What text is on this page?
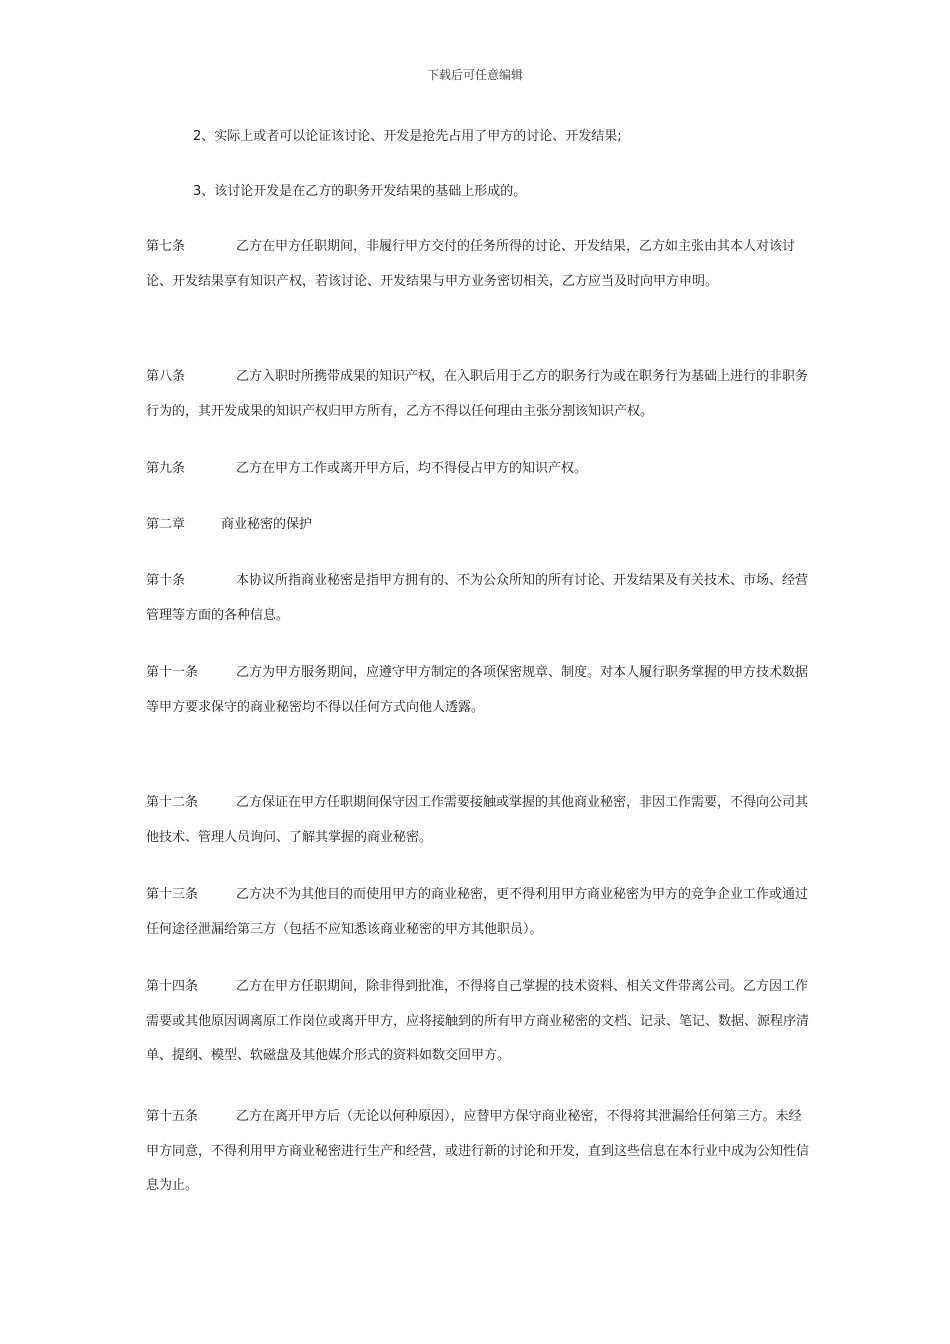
下载后可任意编辑
2、实际上或者可以论证该讨论、开发是抢先占用了甲方的讨论、开发结果;
3、该讨论开发是在乙方的职务开发结果的基础上形成的。
第七条	乙方在甲方任职期间，非履行甲方交付的任务所得的讨论、开发结果，乙方如主张由其本人对该讨论、开发结果享有知识产权，若该讨论、开发结果与甲方业务密切相关，乙方应当及时向甲方申明。
第八条	乙方入职时所携带成果的知识产权，在入职后用于乙方的职务行为或在职务行为基础上进行的非职务行为的，其开发成果的知识产权归甲方所有，乙方不得以任何理由主张分割该知识产权。
第九条	乙方在甲方工作或离开甲方后，均不得侵占甲方的知识产权。
第二章	商业秘密的保护
第十条	本协议所指商业秘密是指甲方拥有的、不为公众所知的所有讨论、开发结果及有关技术、市场、经营管理等方面的各种信息。
第十一条	乙方为甲方服务期间，应遵守甲方制定的各项保密规章、制度。对本人履行职务掌握的甲方技术数据等甲方要求保守的商业秘密均不得以任何方式向他人透露。
第十二条	乙方保证在甲方任职期间保守因工作需要接触或掌握的其他商业秘密，非因工作需要，不得向公司其他技术、管理人员询问、了解其掌握的商业秘密。
第十三条	乙方决不为其他目的而使用甲方的商业秘密，更不得利用甲方商业秘密为甲方的竞争企业工作或通过任何途径泄漏给第三方（包括不应知悉该商业秘密的甲方其他职员）。
第十四条	乙方在甲方任职期间，除非得到批准，不得将自己掌握的技术资料、相关文件带离公司。乙方因工作需要或其他原因调离原工作岗位或离开甲方，应将接触到的所有甲方商业秘密的文档、记录、笔记、数据、源程序清单、提纲、模型、软磁盘及其他媒介形式的资料如数交回甲方。
第十五条	乙方在离开甲方后（无论以何种原因），应替甲方保守商业秘密，不得将其泄漏给任何第三方。未经甲方同意，不得利用甲方商业秘密进行生产和经营，或进行新的讨论和开发，直到这些信息在本行业中成为公知性信息为止。
